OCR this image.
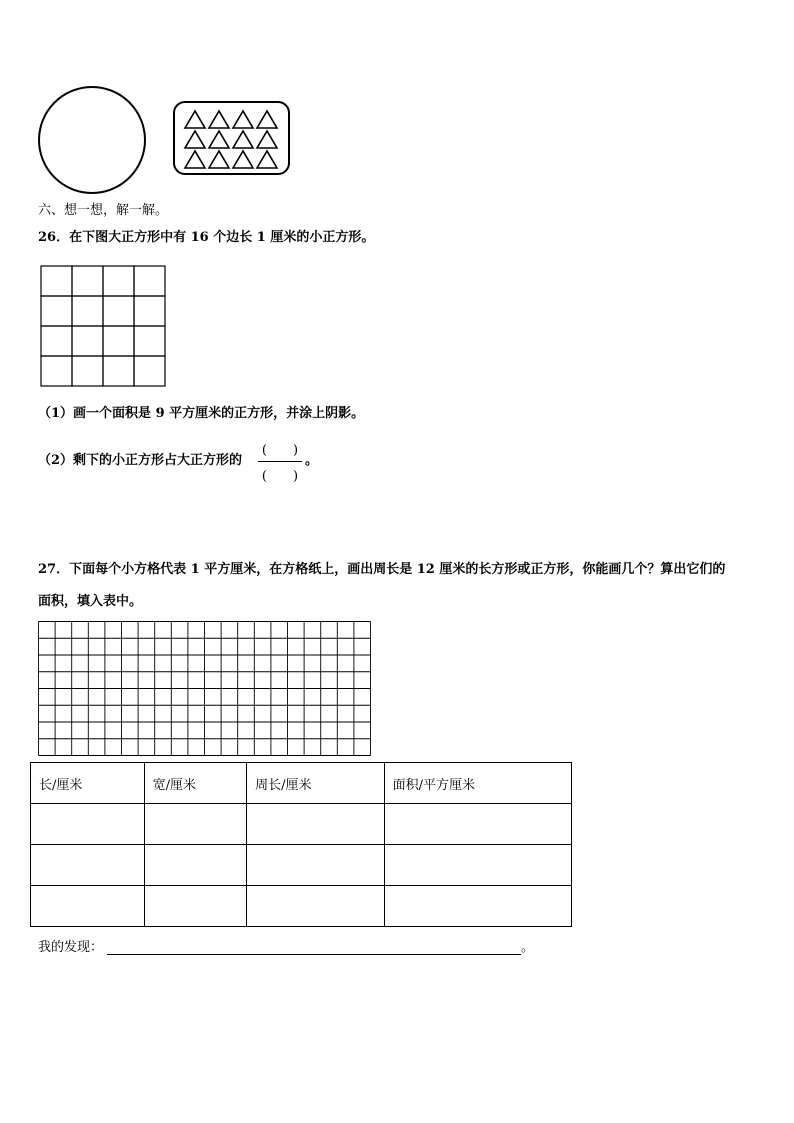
六、想一想，解一解。
26．在下图大正方形中有 16 个边长 1 厘米的小正方形。
（1）画一个面积是 9 平方厘米的正方形，并涂上阴影。
（2）剩下的小正方形占大正方形的
(　　)
(　　)
。
27．下面每个小方格代表 1 平方厘米，在方格纸上，画出周长是 12 厘米的长方形或正方形，你能画几个？算出它们的
面积，填入表中。
长/厘米	宽/厘米	周长/厘米	面积/平方厘米

我的发现：	。
